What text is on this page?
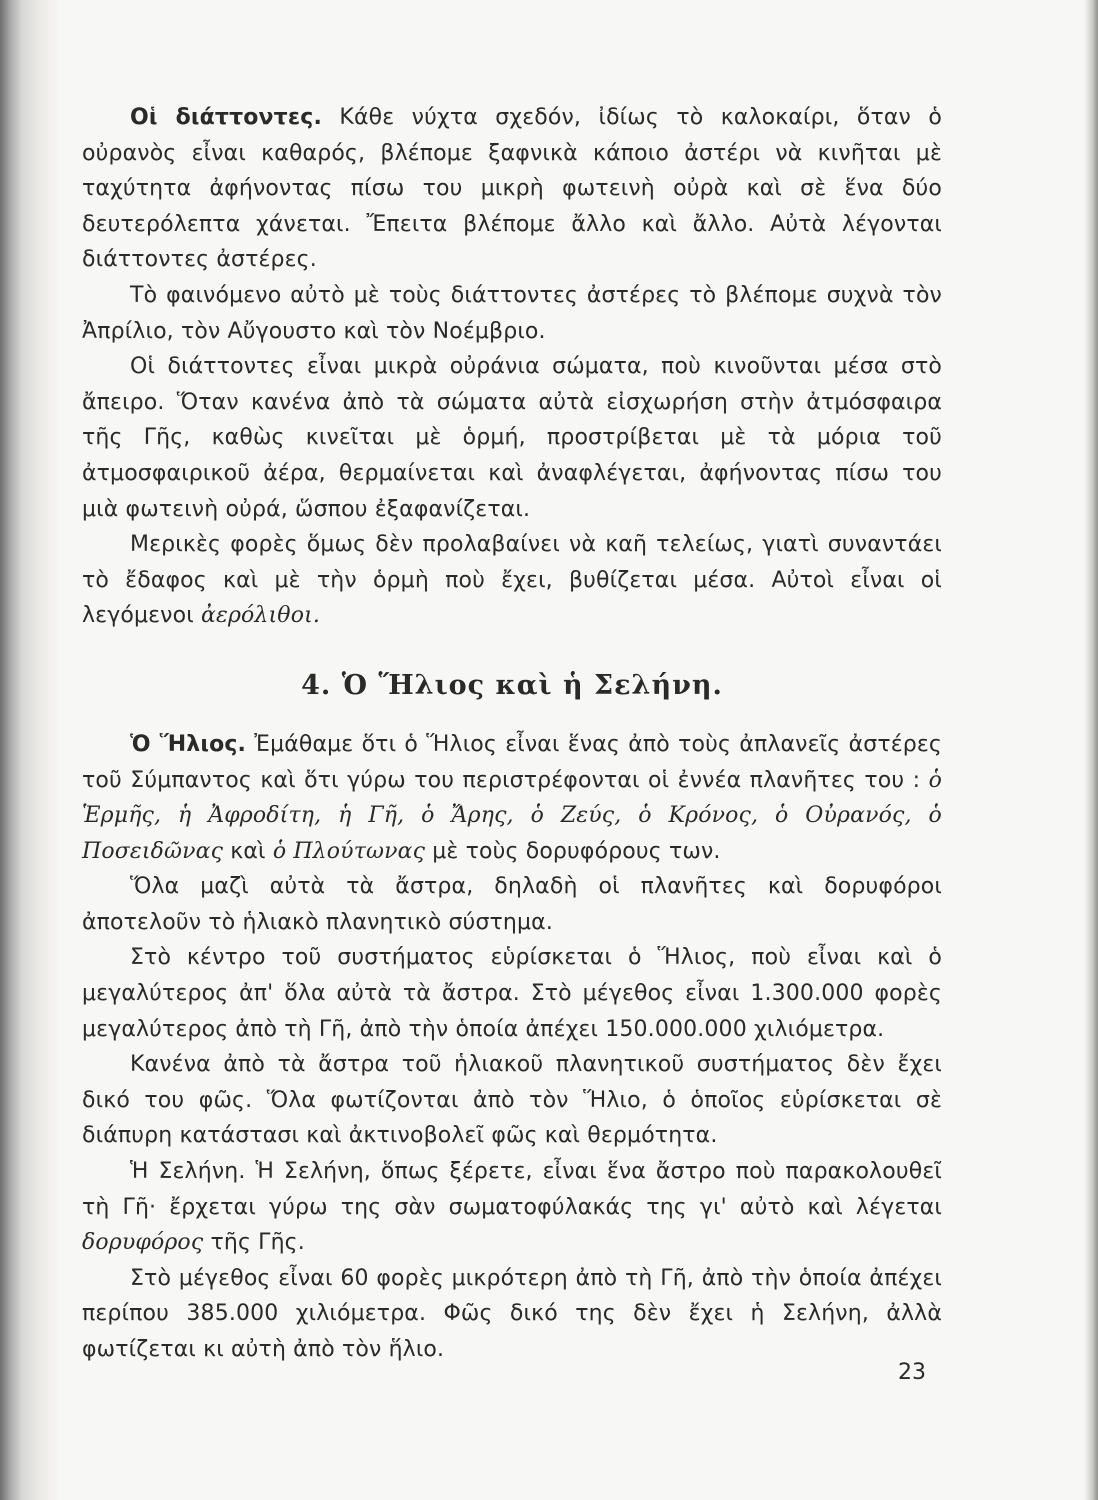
Οἱ διάττοντες. Κάθε νύχτα σχεδόν, ἰδίως τὸ καλοκαίρι, ὅταν ὁ οὐρανὸς εἶναι καθαρός, βλέπομε ξαφνικὰ κάποιο ἀστέρι νὰ κινῆται μὲ ταχύτητα ἀφήνοντας πίσω του μικρὴ φωτεινὴ οὐρὰ καὶ σὲ ἕνα δύο δευτερόλεπτα χάνεται. Ἔπειτα βλέπομε ἄλλο καὶ ἄλλο. Αὐτὰ λέγονται διάττοντες ἀστέρες.

Τὸ φαινόμενο αὐτὸ μὲ τοὺς διάττοντες ἀστέρες τὸ βλέπομε συχνὰ τὸν Ἀπρίλιο, τὸν Αὔγουστο καὶ τὸν Νοέμβριο.

Οἱ διάττοντες εἶναι μικρὰ οὐράνια σώματα, ποὺ κινοῦνται μέσα στὸ ἄπειρο. Ὅταν κανένα ἀπὸ τὰ σώματα αὐτὰ εἰσχωρήση στὴν ἀτμόσφαιρα τῆς Γῆς, καθὼς κινεῖται μὲ ὁρμή, προστρίβεται μὲ τὰ μόρια τοῦ ἀτμοσφαιρικοῦ ἀέρα, θερμαίνεται καὶ ἀναφλέγεται, ἀφήνοντας πίσω του μιὰ φωτεινὴ οὐρά, ὥσπου ἐξαφανίζεται.

Μερικὲς φορὲς ὅμως δὲν προλαβαίνει νὰ καῆ τελείως, γιατὶ συναντάει τὸ ἔδαφος καὶ μὲ τὴν ὁρμὴ ποὺ ἔχει, βυθίζεται μέσα. Αὐτοὶ εἶναι οἱ λεγόμενοι ἀερόλιθοι.

4. Ὁ Ἥλιος καὶ ἡ Σελήνη.

Ὁ Ἥλιος. Ἐμάθαμε ὅτι ὁ Ἥλιος εἶναι ἕνας ἀπὸ τοὺς ἀπλανεῖς ἀστέρες τοῦ Σύμπαντος καὶ ὅτι γύρω του περιστρέφονται οἱ ἐννέα πλανῆτες του : ὁ Ἑρμῆς, ἡ Ἀφροδίτη, ἡ Γῆ, ὁ Ἄρης, ὁ Ζεύς, ὁ Κρόνος, ὁ Οὐρανός, ὁ Ποσειδῶνας καὶ ὁ Πλούτωνας μὲ τοὺς δορυφόρους των.

Ὅλα μαζὶ αὐτὰ τὰ ἄστρα, δηλαδὴ οἱ πλανῆτες καὶ δορυφόροι ἀποτελοῦν τὸ ἡλιακὸ πλανητικὸ σύστημα.

Στὸ κέντρο τοῦ συστήματος εὑρίσκεται ὁ Ἥλιος, ποὺ εἶναι καὶ ὁ μεγαλύτερος ἀπ' ὅλα αὐτὰ τὰ ἄστρα. Στὸ μέγεθος εἶναι 1.300.000 φορὲς μεγαλύτερος ἀπὸ τὴ Γῆ, ἀπὸ τὴν ὁποία ἀπέχει 150.000.000 χιλιόμετρα.

Κανένα ἀπὸ τὰ ἄστρα τοῦ ἡλιακοῦ πλανητικοῦ συστήματος δὲν ἔχει δικό του φῶς. Ὅλα φωτίζονται ἀπὸ τὸν Ἥλιο, ὁ ὁποῖος εὑρίσκεται σὲ διάπυρη κατάστασι καὶ ἀκτινοβολεῖ φῶς καὶ θερμότητα.

Ἡ Σελήνη. Ἡ Σελήνη, ὅπως ξέρετε, εἶναι ἕνα ἄστρο ποὺ παρακολουθεῖ τὴ Γῆ· ἔρχεται γύρω της σὰν σωματοφύλακάς της γι' αὐτὸ καὶ λέγεται δορυφόρος τῆς Γῆς.

Στὸ μέγεθος εἶναι 60 φορὲς μικρότερη ἀπὸ τὴ Γῆ, ἀπὸ τὴν ὁποία ἀπέχει περίπου 385.000 χιλιόμετρα. Φῶς δικό της δὲν ἔχει ἡ Σελήνη, ἀλλὰ φωτίζεται κι αὐτὴ ἀπὸ τὸν ἥλιο.

23
